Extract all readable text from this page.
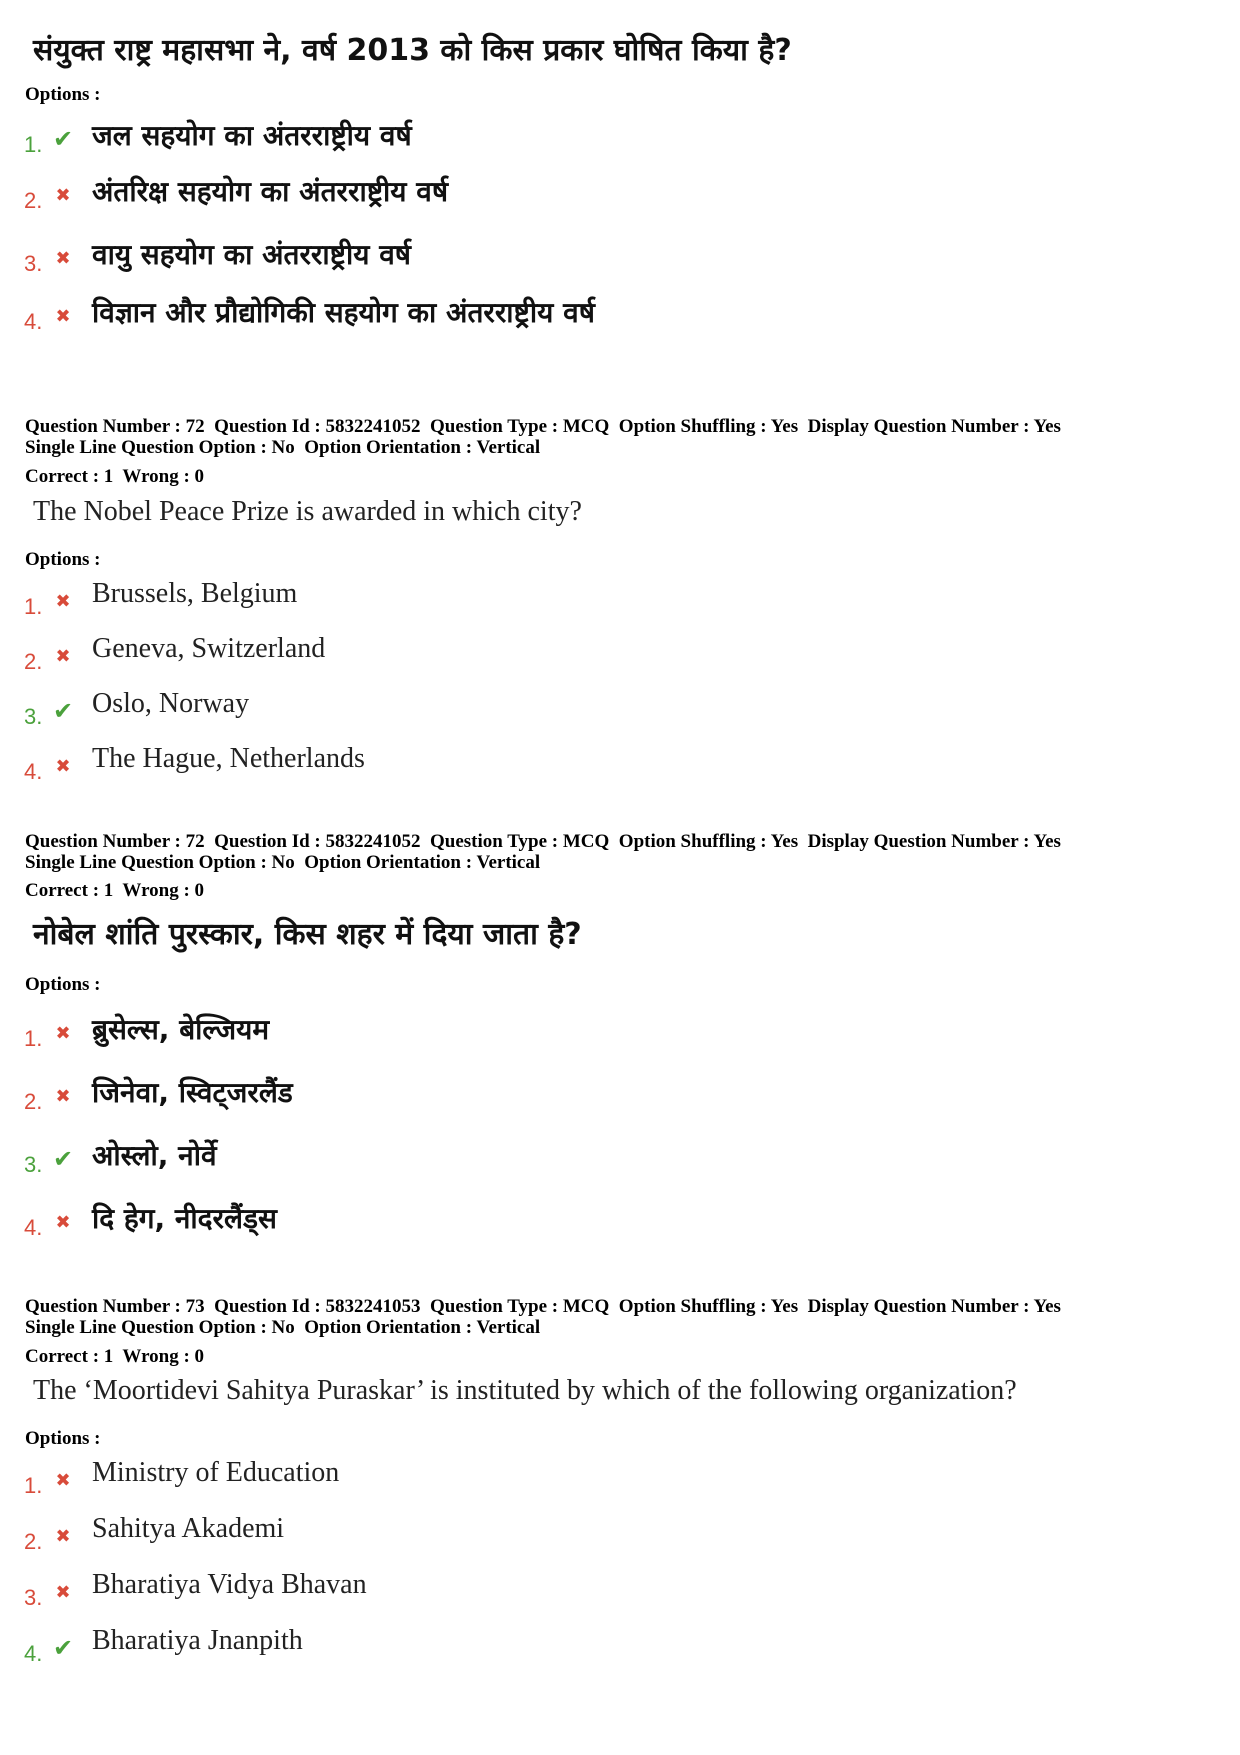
संयुक्त राष्ट्र महासभा ने, वर्ष 2013 को किस प्रकार घोषित किया है?
Options :
1. ✔ जल सहयोग का अंतरराष्ट्रीय वर्ष
2. ✖ अंतरिक्ष सहयोग का अंतरराष्ट्रीय वर्ष
3. ✖ वायु सहयोग का अंतरराष्ट्रीय वर्ष
4. ✖ विज्ञान और प्रौद्योगिकी सहयोग का अंतरराष्ट्रीय वर्ष
Question Number : 72  Question Id : 5832241052  Question Type : MCQ  Option Shuffling : Yes  Display Question Number : Yes
Single Line Question Option : No  Option Orientation : Vertical
Correct : 1  Wrong : 0
The Nobel Peace Prize is awarded in which city?
Options :
1. ✖ Brussels, Belgium
2. ✖ Geneva, Switzerland
3. ✔ Oslo, Norway
4. ✖ The Hague, Netherlands
Question Number : 72  Question Id : 5832241052  Question Type : MCQ  Option Shuffling : Yes  Display Question Number : Yes
Single Line Question Option : No  Option Orientation : Vertical
Correct : 1  Wrong : 0
नोबेल शांति पुरस्कार, किस शहर में दिया जाता है?
Options :
1. ✖ ब्रुसेल्स, बेल्जियम
2. ✖ जिनेवा, स्विट्जरलैंड
3. ✔ ओस्लो, नोर्वे
4. ✖ दि हेग, नीदरलैंड्स
Question Number : 73  Question Id : 5832241053  Question Type : MCQ  Option Shuffling : Yes  Display Question Number : Yes
Single Line Question Option : No  Option Orientation : Vertical
Correct : 1  Wrong : 0
The ‘Moortidevi Sahitya Puraskar’ is instituted by which of the following organization?
Options :
1. ✖ Ministry of Education
2. ✖ Sahitya Akademi
3. ✖ Bharatiya Vidya Bhavan
4. ✔ Bharatiya Jnanpith
